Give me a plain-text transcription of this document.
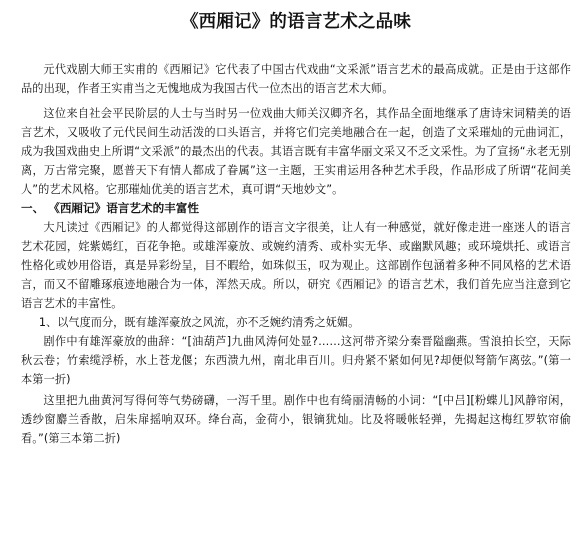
《西厢记》的语言艺术之品味

元代戏剧大师王实甫的《西厢记》它代表了中国古代戏曲“文采派”语言艺术的最高成就。正是由于这部作品的出现，作者王实甫当之无愧地成为我国古代一位杰出的语言艺术大师。

这位来自社会平民阶层的人士与当时另一位戏曲大师关汉卿齐名，其作品全面地继承了唐诗宋词精美的语言艺术，又吸收了元代民间生动活泼的口头语言，并将它们完美地融合在一起，创造了文采璀灿的元曲词汇，成为我国戏曲史上所谓“文采派”的最杰出的代表。其语言既有丰富华丽文采又不乏文采性。为了宣扬“永老无别离，万古常完聚，愿普天下有情人都成了眷属”这一主题，王实甫运用各种艺术手段，作品形成了所谓“花间美人”的艺术风格。它那璀灿优美的语言艺术，真可谓“天地妙文”。

一、 《西厢记》语言艺术的丰富性

大凡读过《西厢记》的人都觉得这部剧作的语言文字很美，让人有一种感觉，就好像走进一座迷人的语言艺术花园，姹紫嫣红，百花争艳。或雄浑豪放、或婉约清秀、或朴实无华、或幽默风趣；或环境烘托、或语言性格化或妙用俗语，真是异彩纷呈，目不暇给，如珠似玉，叹为观止。这部剧作包涵着多种不同风格的艺术语言，而又不留雕琢痕迹地融合为一体，浑然天成。所以，研究《西厢记》的语言艺术，我们首先应当注意到它语言艺术的丰富性。

1、以气度而分，既有雄浑豪放之风流，亦不乏婉约清秀之妩媚。

剧作中有雄浑豪放的曲辞：“[油葫芦]九曲风涛何处显?……这河带齐梁分秦晋隘幽燕。雪浪拍长空，天际秋云卷；竹索缆浮桥，水上苍龙偃；东西溃九州，南北串百川。归舟紧不紧如何见?却便似弩箭乍离弦。”(第一本第一折)

这里把九曲黄河写得何等气势磅礴，一泻千里。剧作中也有绮丽清畅的小词：“[中吕][粉蝶儿]风静帘闲，透纱窗麝兰香散，启朱扉摇响双环。绛台高，金荷小，银镝犹灿。比及将暖帐轻弹，先揭起这梅红罗软帘偷看。”(第三本第二折)
